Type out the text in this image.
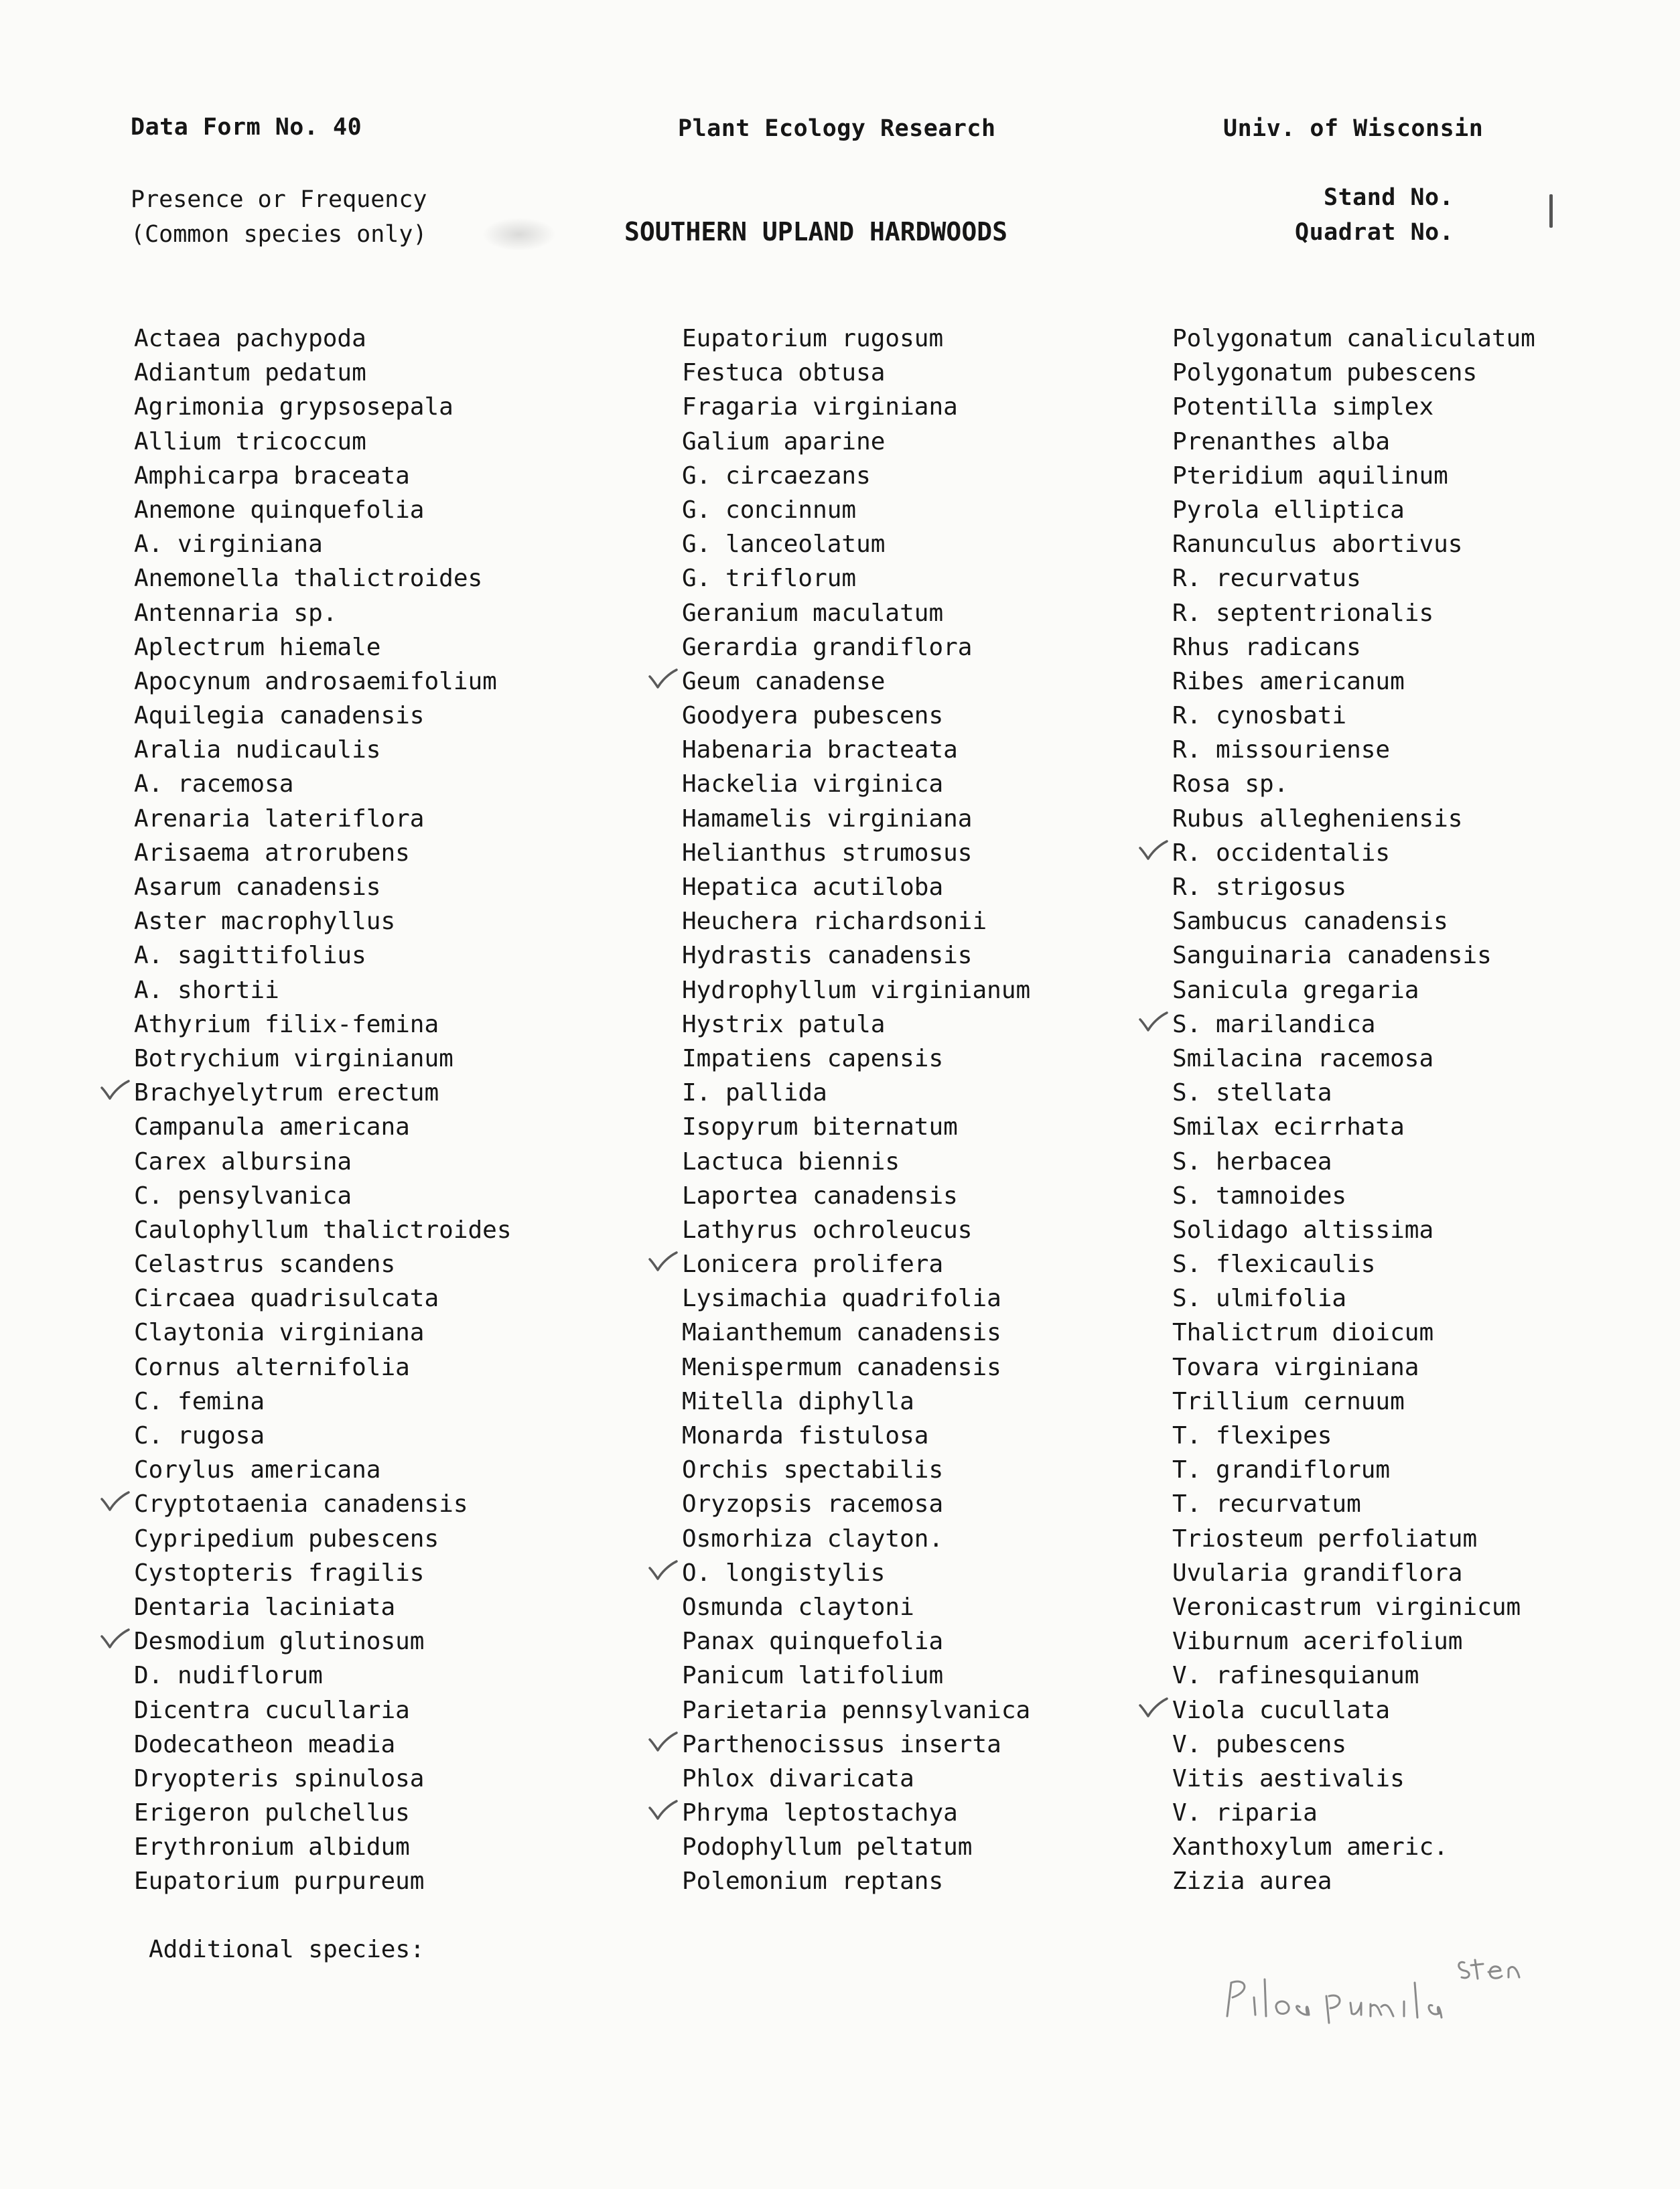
Data Form No. 40	Plant Ecology Research	Univ. of Wisconsin
Presence or Frequency
(Common species only)	SOUTHERN UPLAND HARDWOODS
Stand No.
Quadrat No.
Actaea pachypoda
Adiantum pedatum
Agrimonia grypsosepala
Allium tricoccum
Amphicarpa braceata
Anemone quinquefolia
A. virginiana
Anemonella thalictroides
Antennaria sp.
Aplectrum hiemale
Apocynum androsaemifolium
Aquilegia canadensis
Aralia nudicaulis
A. racemosa
Arenaria lateriflora
Arisaema atrorubens
Asarum canadensis
Aster macrophyllus
A. sagittifolius
A. shortii
Athyrium filix-femina
Botrychium virginianum
Brachyelytrum erectum
Campanula americana
Carex albursina
C. pensylvanica
Caulophyllum thalictroides
Celastrus scandens
Circaea quadrisulcata
Claytonia virginiana
Cornus alternifolia
C. femina
C. rugosa
Corylus americana
Cryptotaenia canadensis
Cypripedium pubescens
Cystopteris fragilis
Dentaria laciniata
Desmodium glutinosum
D. nudiflorum
Dicentra cucullaria
Dodecatheon meadia
Dryopteris spinulosa
Erigeron pulchellus
Erythronium albidum
Eupatorium purpureum
Eupatorium rugosum
Festuca obtusa
Fragaria virginiana
Galium aparine
G. circaezans
G. concinnum
G. lanceolatum
G. triflorum
Geranium maculatum
Gerardia grandiflora
Geum canadense
Goodyera pubescens
Habenaria bracteata
Hackelia virginica
Hamamelis virginiana
Helianthus strumosus
Hepatica acutiloba
Heuchera richardsonii
Hydrastis canadensis
Hydrophyllum virginianum
Hystrix patula
Impatiens capensis
I. pallida
Isopyrum biternatum
Lactuca biennis
Laportea canadensis
Lathyrus ochroleucus
Lonicera prolifera
Lysimachia quadrifolia
Maianthemum canadensis
Menispermum canadensis
Mitella diphylla
Monarda fistulosa
Orchis spectabilis
Oryzopsis racemosa
Osmorhiza clayton.
O. longistylis
Osmunda claytoni
Panax quinquefolia
Panicum latifolium
Parietaria pennsylvanica
Parthenocissus inserta
Phlox divaricata
Phryma leptostachya
Podophyllum peltatum
Polemonium reptans
Polygonatum canaliculatum
Polygonatum pubescens
Potentilla simplex
Prenanthes alba
Pteridium aquilinum
Pyrola elliptica
Ranunculus abortivus
R. recurvatus
R. septentrionalis
Rhus radicans
Ribes americanum
R. cynosbati
R. missouriense
Rosa sp.
Rubus allegheniensis
R. occidentalis
R. strigosus
Sambucus canadensis
Sanguinaria canadensis
Sanicula gregaria
S. marilandica
Smilacina racemosa
S. stellata
Smilax ecirrhata
S. herbacea
S. tamnoides
Solidago altissima
S. flexicaulis
S. ulmifolia
Thalictrum dioicum
Tovara virginiana
Trillium cernuum
T. flexipes
T. grandiflorum
T. recurvatum
Triosteum perfoliatum
Uvularia grandiflora
Veronicastrum virginicum
Viburnum acerifolium
V. rafinesquianum
Viola cucullata
V. pubescens
Vitis aestivalis
V. riparia
Xanthoxylum americ.
Zizia aurea
Additional species:
